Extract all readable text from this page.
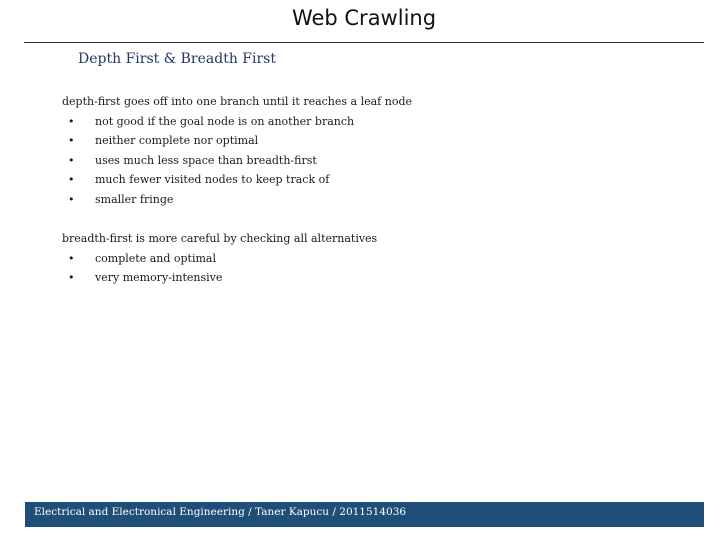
Web Crawling
Depth First & Breadth First

depth-first goes off into one branch until it reaches a leaf node

• not good if the goal node is on another branch
• neither complete nor optimal
• uses much less space than breadth-first
• much fewer visited nodes to keep track of
• smaller fringe

breadth-first is more careful by checking all alternatives

• complete and optimal
• very memory-intensive
Electrical and Electronical Engineering / Taner Kapucu / 2011514036
